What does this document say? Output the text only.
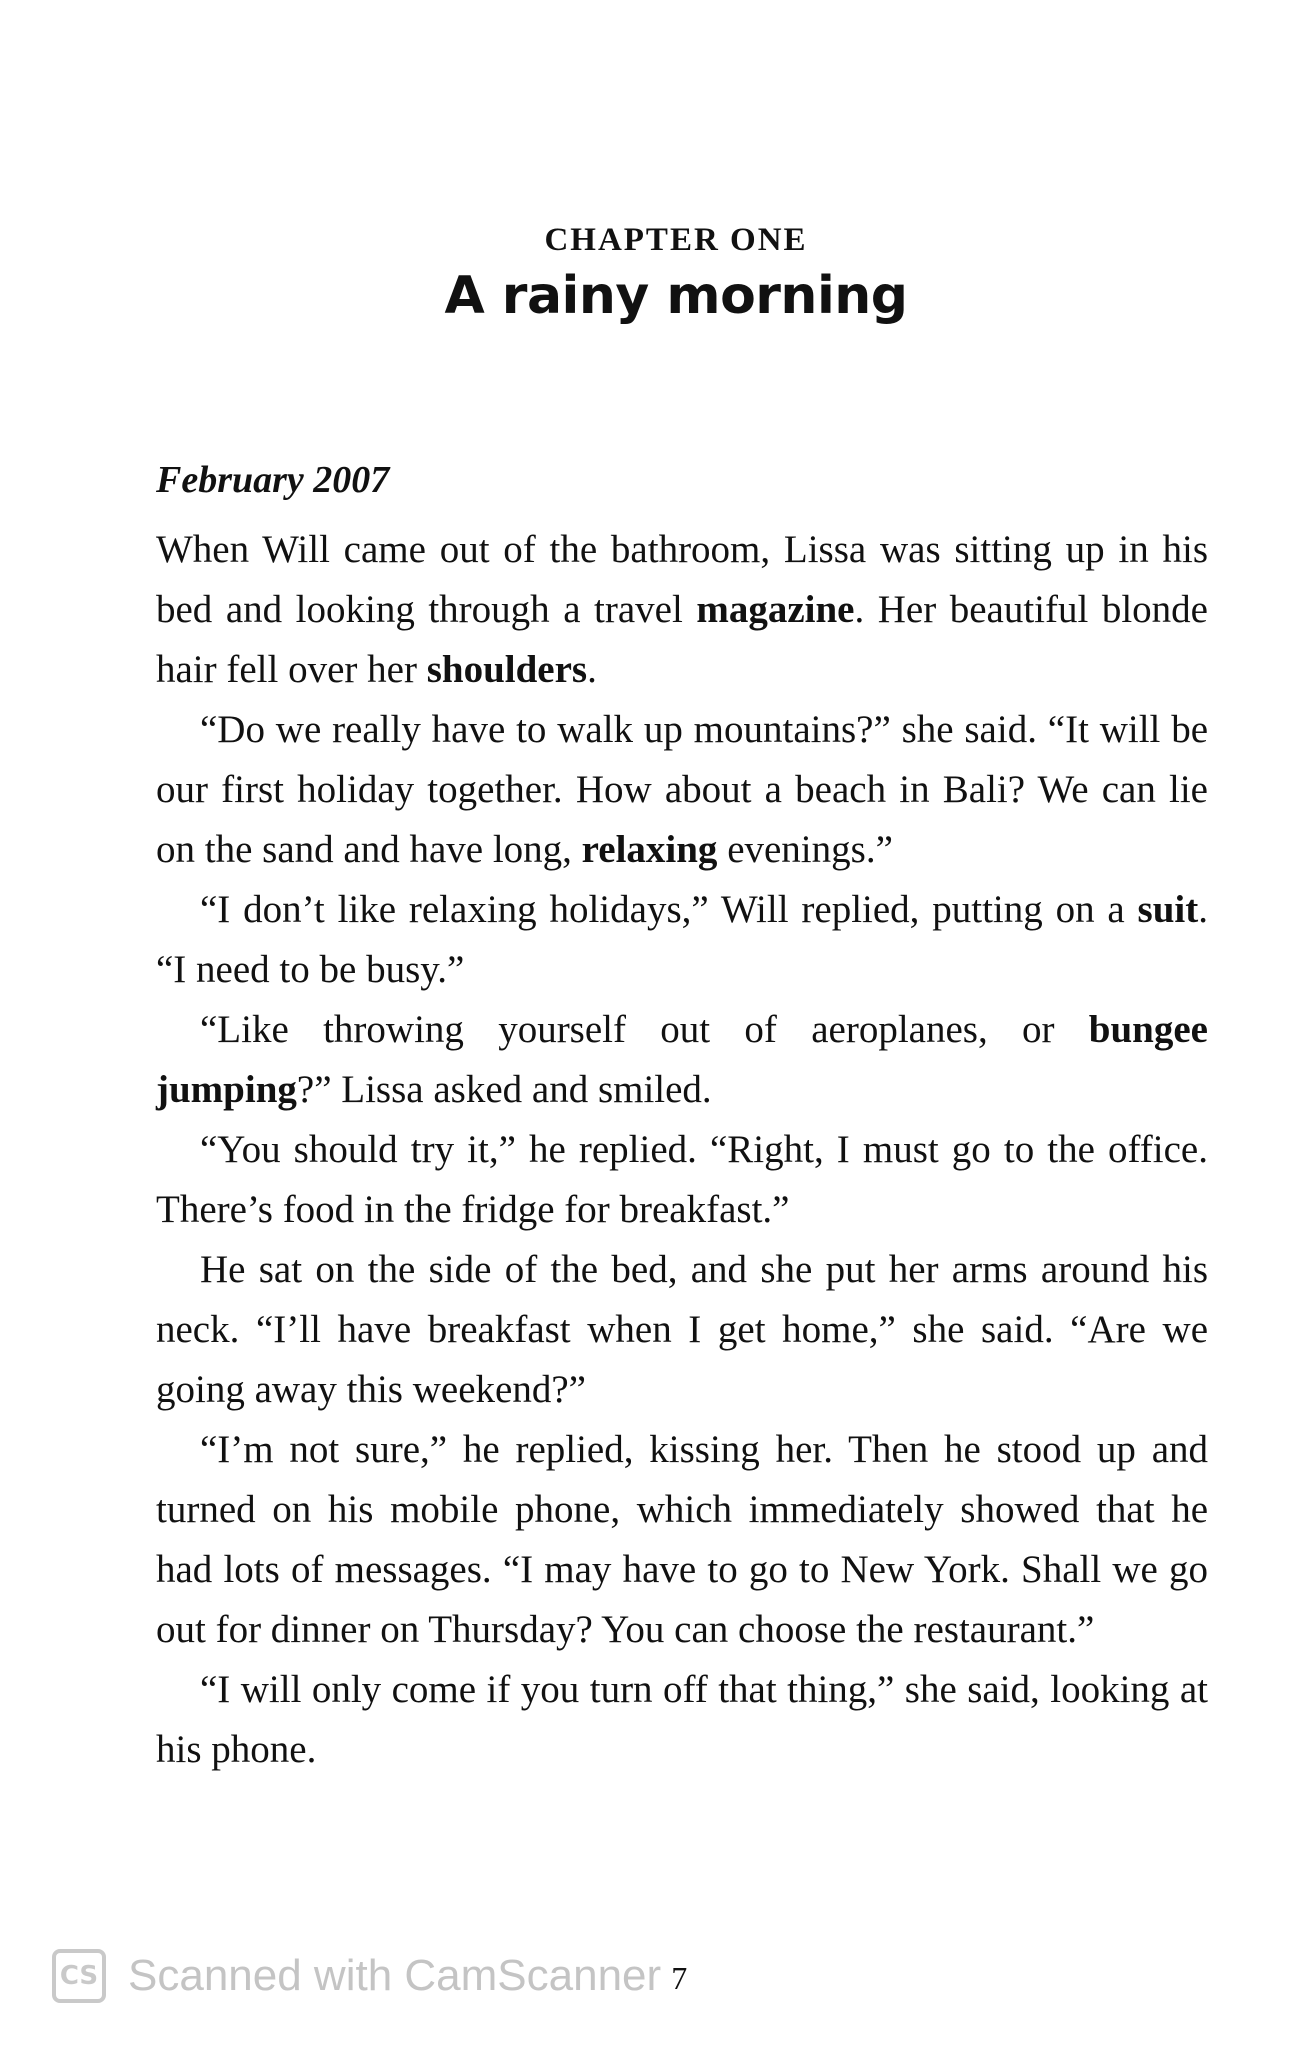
CHAPTER ONE
A rainy morning
February 2007

When Will came out of the bathroom, Lissa was sitting up in his bed and looking through a travel magazine. Her beautiful blonde hair fell over her shoulders.

“Do we really have to walk up mountains?” she said. “It will be our first holiday together. How about a beach in Bali? We can lie on the sand and have long, relaxing evenings.”

“I don’t like relaxing holidays,” Will replied, putting on a suit. “I need to be busy.”

“Like throwing yourself out of aeroplanes, or bungee jumping?” Lissa asked and smiled.

“You should try it,” he replied. “Right, I must go to the office. There’s food in the fridge for breakfast.”

He sat on the side of the bed, and she put her arms around his neck. “I’ll have breakfast when I get home,” she said. “Are we going away this weekend?”

“I’m not sure,” he replied, kissing her. Then he stood up and turned on his mobile phone, which immediately showed that he had lots of messages. “I may have to go to New York. Shall we go out for dinner on Thursday? You can choose the restaurant.”

“I will only come if you turn off that thing,” she said, looking at his phone.

CS Scanned with CamScanner 7
